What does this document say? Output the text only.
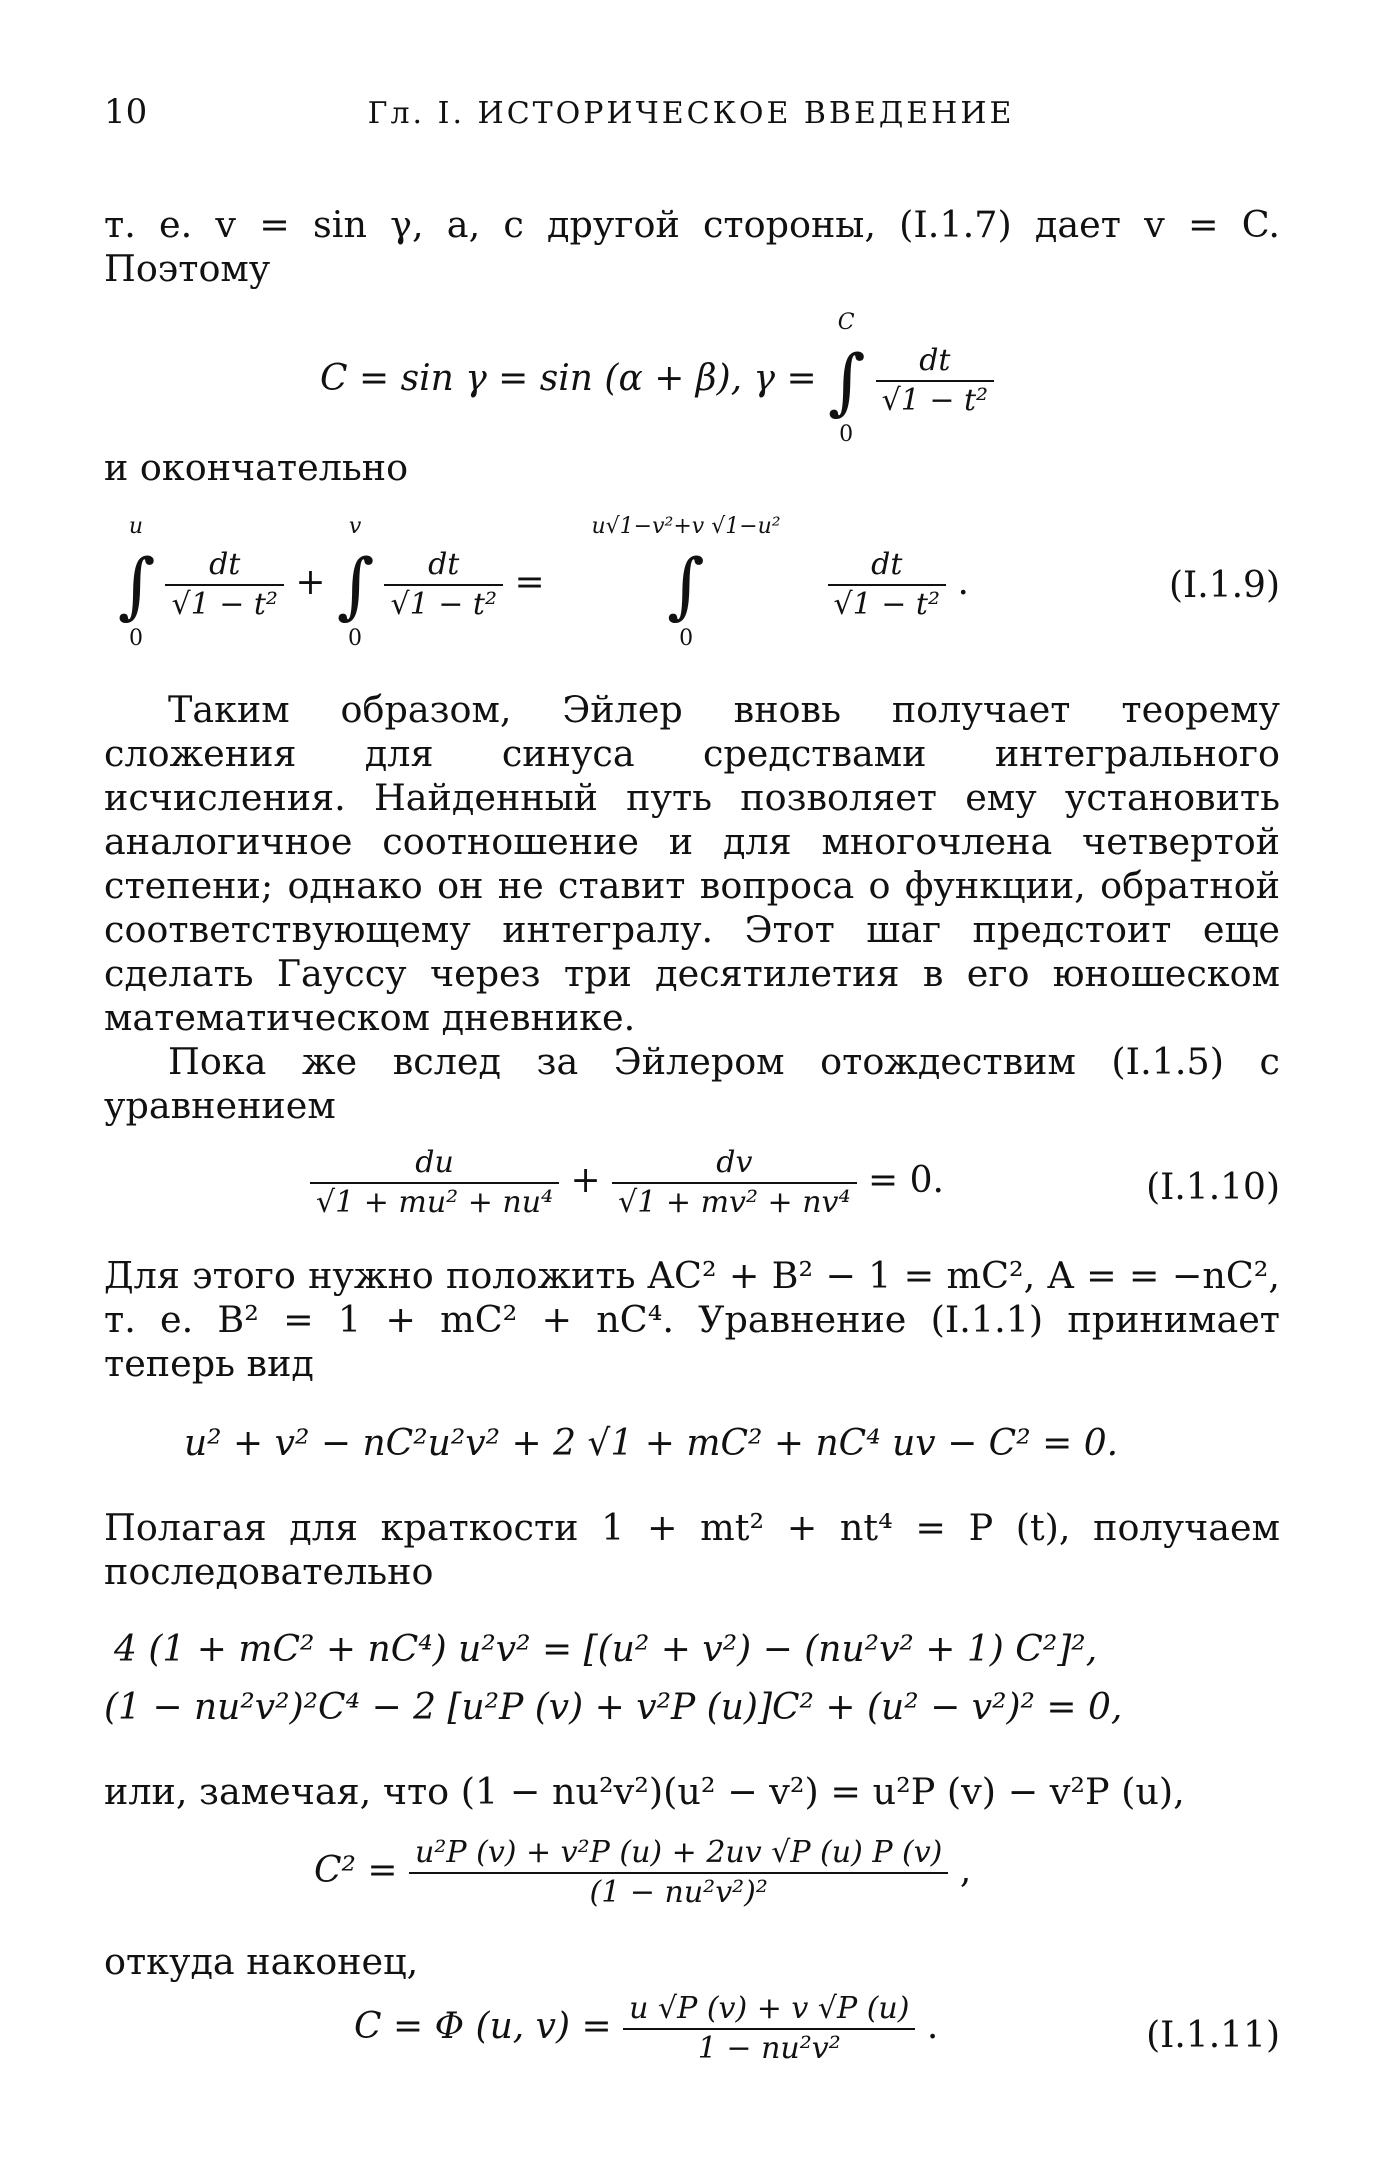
10	Гл. I. ИСТОРИЧЕСКОЕ ВВЕДЕНИЕ
т. е. v = sin γ, а, с другой стороны, (I.1.7) дает v = C. Поэтому
C = sin γ = sin (α + β), γ = ∫
C
0

$\frac{dt}{\text{√1 − t²}}$
и окончательно
∫
u
0

$\frac{dt}{\text{√1 − t²}}$ + ∫
v
0

$\frac{dt}{\text{√1 − t²}}$ = ∫
u√1−v²+v √1−u²
0

$\frac{dt}{\text{√1 − t²}}$ .	(I.1.9)
Таким образом, Эйлер вновь получает теорему сложения для синуса средствами интегрального исчисления. Найденный путь позволяет ему установить аналогичное соотношение и для многочлена четвертой степени; однако он не ставит вопроса о функции, обратной соответствующему интегралу. Этот шаг предстоит еще сделать Гауссу через три десятилетия в его юношеском математическом дневнике.
Пока же вслед за Эйлером отождествим (I.1.5) с уравнением
$\frac{du}{\text{√1 + mu² + nu⁴}} + \frac{dv}{\text{√1 + mv² + nv⁴}} = 0$.	(I.1.10)
Для этого нужно положить AC² + B² − 1 = mC², A = = −nC², т. е. B² = 1 + mC² + nC⁴. Уравнение (I.1.1) принимает теперь вид
u² + v² − nC²u²v² + 2 √1 + mC² + nC⁴ uv − C² = 0.
Полагая для краткости 1 + mt² + nt⁴ = P (t), получаем последовательно
4 (1 + mC² + nC⁴) u²v² = [(u² + v²) − (nu²v² + 1) C²]²,
(1 − nu²v²)²C⁴ − 2 [u²P (v) + v²P (u)]C² + (u² − v²)² = 0,
или, замечая, что (1 − nu²v²)(u² − v²) = u²P (v) − v²P (u),
$C^2 = \frac{\text{u²P (v) + v²P (u) + 2uv √P (u) P (v)}}{\text{(1 − nu²v²)²}}$ ,
откуда наконец,
C = Φ (u, $v) = \frac{u √P (v) + v √P (u)}{\text{1 − nu²v²}}$ .	(I.1.11)
